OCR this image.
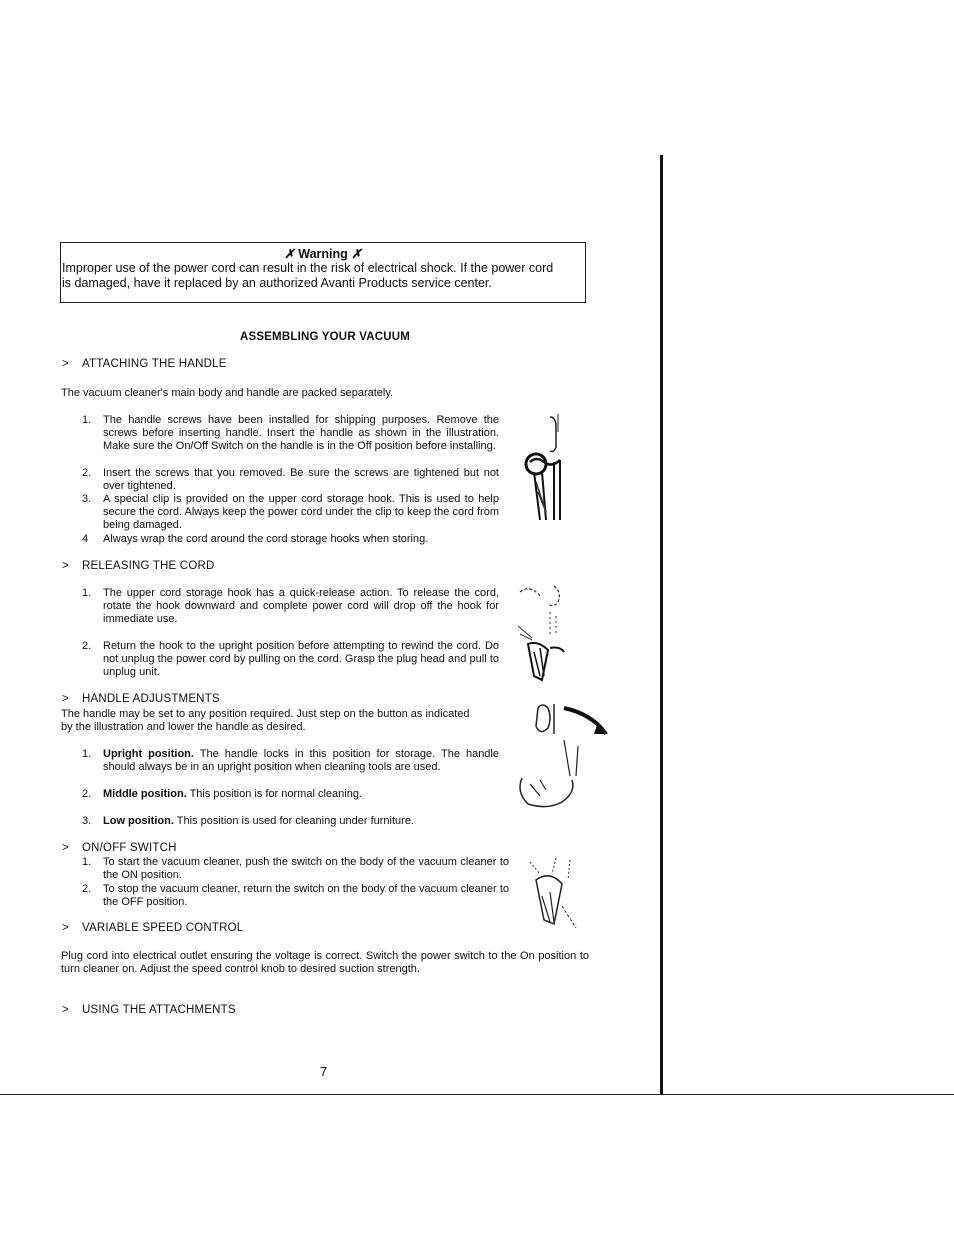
✗ Warning ✗
Improper use of the power cord can result in the risk of electrical shock. If the power cord
is damaged, have it replaced by an authorized Avanti Products service center.
ASSEMBLING YOUR VACUUM
> ATTACHING THE HANDLE
The vacuum cleaner's main body and handle are packed separately.
1. The handle screws have been installed for shipping purposes. Remove the screws before inserting handle. Insert the handle as shown in the illustration. Make sure the On/Off Switch on the handle is in the Off position before installing.
2. Insert the screws that you removed. Be sure the screws are tightened but not over tightened.
3. A special clip is provided on the upper cord storage hook. This is used to help secure the cord. Always keep the power cord under the clip to keep the cord from being damaged.
4 Always wrap the cord around the cord storage hooks when storing.
> RELEASING THE CORD
1. The upper cord storage hook has a quick-release action. To release the cord, rotate the hook downward and complete power cord will drop off the hook for immediate use.
2. Return the hook to the upright position before attempting to rewind the cord. Do not unplug the power cord by pulling on the cord. Grasp the plug head and pull to unplug unit.
> HANDLE ADJUSTMENTS
The handle may be set to any position required. Just step on the button as indicated
by the illustration and lower the handle as desired.
1. Upright position. The handle locks in this position for storage. The handle should always be in an upright position when cleaning tools are used.
2. Middle position. This position is for normal cleaning.
3. Low position. This position is used for cleaning under furniture.
> ON/OFF SWITCH
1. To start the vacuum cleaner, push the switch on the body of the vacuum cleaner to the ON position.
2. To stop the vacuum cleaner, return the switch on the body of the vacuum cleaner to the OFF position.
> VARIABLE SPEED CONTROL
Plug cord into electrical outlet ensuring the voltage is correct. Switch the power switch to the On position to turn cleaner on. Adjust the speed control knob to desired suction strength.
> USING THE ATTACHMENTS
7
